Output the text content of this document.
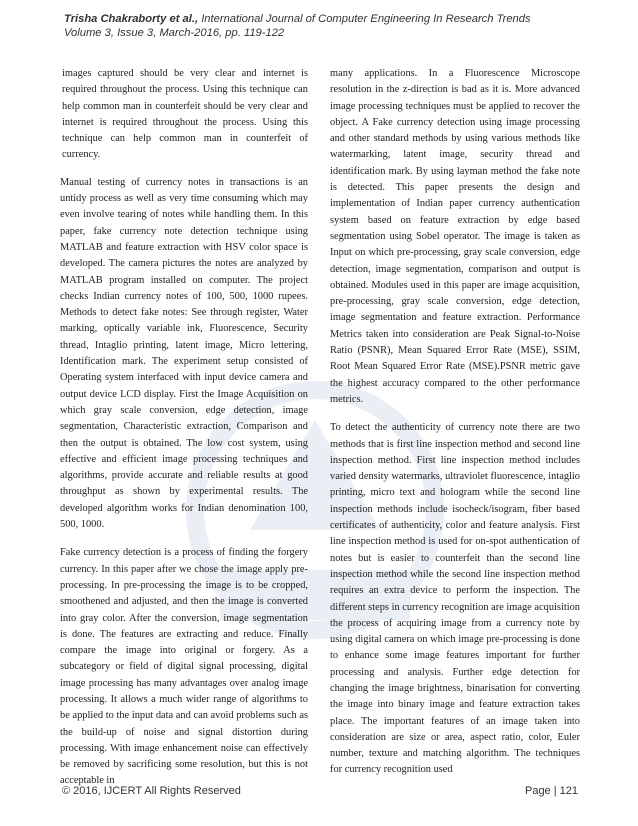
Trisha Chakraborty et al., International Journal of Computer Engineering In Research Trends
Volume 3, Issue 3, March-2016, pp. 119-122

images captured should be very clear and internet is required throughout the process. Using this technique can help common man in counterfeit should be very clear and internet is required throughout the process. Using this technique can help common man in counterfeit of currency.

Manual testing of currency notes in transactions is an untidy process as well as very time consuming which may even involve tearing of notes while handling them. In this paper, fake currency note detection technique using MATLAB and feature extraction with HSV color space is developed. The camera pictures the notes are analyzed by MATLAB program installed on computer. The project checks Indian currency notes of 100, 500, 1000 rupees. Methods to detect fake notes: See through register, Water marking, optically variable ink, Fluorescence, Security thread, Intaglio printing, latent image, Micro lettering, Identification mark. The experiment setup consisted of Operating system interfaced with input device camera and output device LCD display. First the Image Acquisition on which gray scale conversion, edge detection, image segmentation, Characteristic extraction, Comparison and then the output is obtained. The low cost system, using effective and efficient image processing techniques and algorithms, provide accurate and reliable results at good throughput as shown by experimental results. The developed algorithm works for Indian denomination 100, 500, 1000.

Fake currency detection is a process of finding the forgery currency. In this paper after we chose the image apply pre-processing. In pre-processing the image is to be cropped, smoothened and adjusted, and then the image is converted into gray color. After the conversion, image segmentation is done. The features are extracting and reduce. Finally compare the image into original or forgery. As a subcategory or field of digital signal processing, digital image processing has many advantages over analog image processing. It allows a much wider range of algorithms to be applied to the input data and can avoid problems such as the build-up of noise and signal distortion during processing. With image enhancement noise can effectively be removed by sacrificing some resolution, but this is not acceptable in

many applications. In a Fluorescence Microscope resolution in the z-direction is bad as it is. More advanced image processing techniques must be applied to recover the object. A Fake currency detection using image processing and other standard methods by using various methods like watermarking, latent image, security thread and identification mark. By using layman method the fake note is detected. This paper presents the design and implementation of Indian paper currency authentication system based on feature extraction by edge based segmentation using Sobel operator. The image is taken as Input on which pre-processing, gray scale conversion, edge detection, image segmentation, comparison and output is obtained. Modules used in this paper are image acquisition, pre-processing, gray scale conversion, edge detection, image segmentation and feature extraction. Performance Metrics taken into consideration are Peak Signal-to-Noise Ratio (PSNR), Mean Squared Error Rate (MSE), SSIM, Root Mean Squared Error Rate (MSE).PSNR metric gave the highest accuracy compared to the other performance metrics.

To detect the authenticity of currency note there are two methods that is first line inspection method and second line inspection method. First line inspection method includes varied density watermarks, ultraviolet fluorescence, intaglio printing, micro text and hologram while the second line inspection methods include isocheck/isogram, fiber based certificates of authenticity, color and feature analysis. First line inspection method is used for on-spot authentication of notes but is easier to counterfeit than the second line inspection method while the second line inspection method requires an extra device to perform the inspection. The different steps in currency recognition are image acquisition the process of acquiring image from a currency note by using digital camera on which image pre-processing is done to enhance some image features important for further processing and analysis. Further edge detection for changing the image brightness, binarisation for converting the image into binary image and feature extraction takes place. The important features of an image taken into consideration are size or area, aspect ratio, color, Euler number, texture and matching algorithm. The techniques for currency recognition used

© 2016, IJCERT All Rights Reserved	Page | 121
